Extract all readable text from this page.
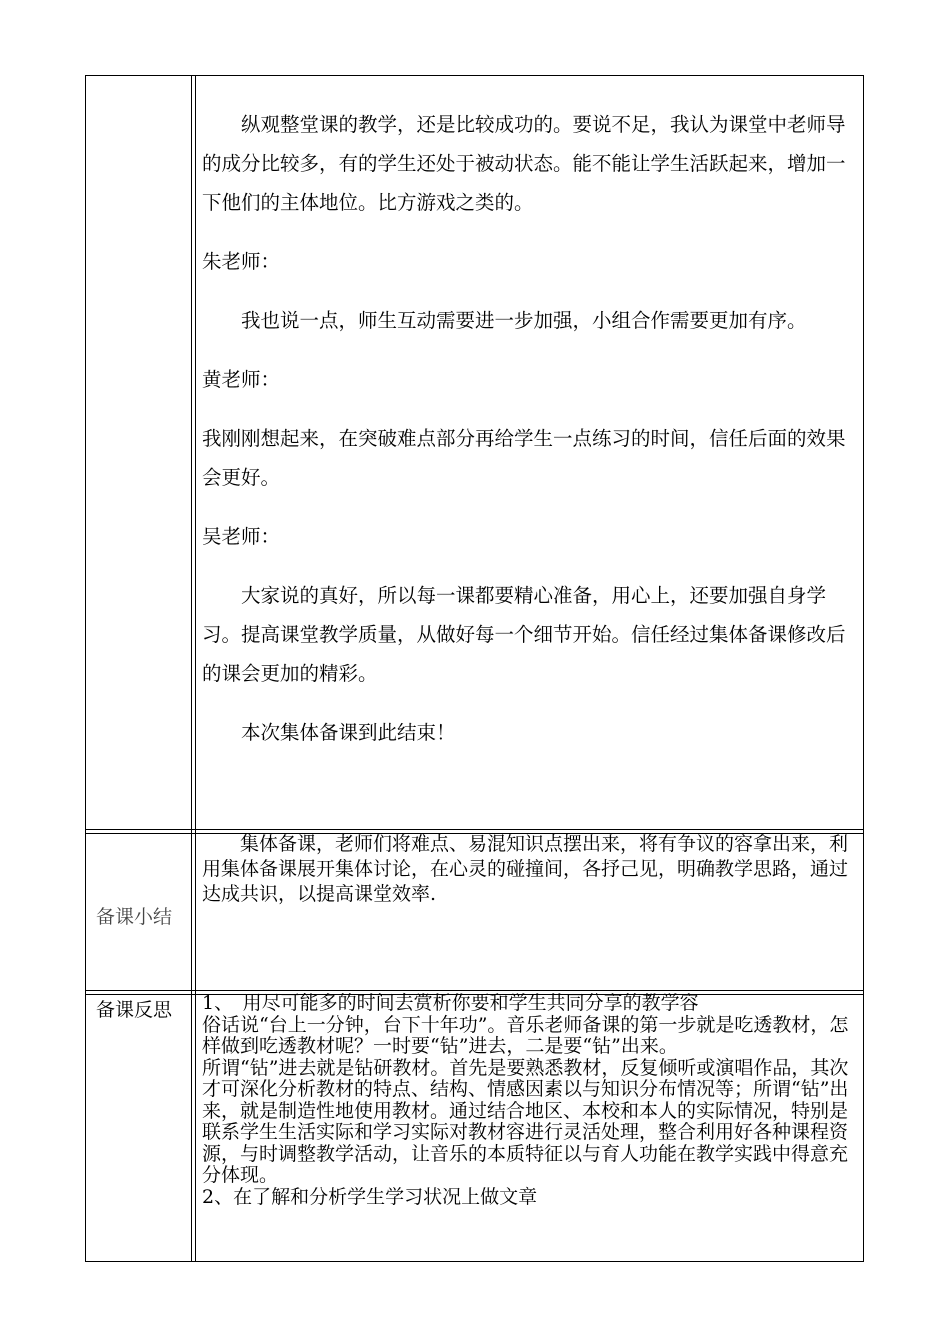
纵观整堂课的教学，还是比较成功的。要说不足，我认为课堂中老师导的成分比较多，有的学生还处于被动状态。能不能让学生活跃起来，增加一下他们的主体地位。比方游戏之类的。

朱老师：

我也说一点，师生互动需要进一步加强，小组合作需要更加有序。

黄老师：

我刚刚想起来，在突破难点部分再给学生一点练习的时间，信任后面的效果会更好。

吴老师：

大家说的真好，所以每一课都要精心准备，用心上，还要加强自身学习。提高课堂教学质量，从做好每一个细节开始。信任经过集体备课修改后的课会更加的精彩。

本次集体备课到此结束！

备课小结
集体备课，老师们将难点、易混知识点摆出来，将有争议的容拿出来，利用集体备课展开集体讨论，在心灵的碰撞间，各抒己见，明确教学思路，通过达成共识，以提高课堂效率.
备课反思 1、　用尽可能多的时间去赏析你要和学生共同分享的教学容

俗话说“台上一分钟，台下十年功”。音乐老师备课的第一步就是吃透教材，怎样做到吃透教材呢？一时要“钻”进去，二是要“钻”出来。

所谓“钻”进去就是钻研教材。首先是要熟悉教材，反复倾听或演唱作品，其次才可深化分析教材的特点、结构、情感因素以与知识分布情况等；所谓“钻”出来，就是制造性地使用教材。通过结合地区、本校和本人的实际情况，特别是联系学生生活实际和学习实际对教材容进行灵活处理，整合利用好各种课程资源，与时调整教学活动，让音乐的本质特征以与育人功能在教学实践中得意充分体现。

2、在了解和分析学生学习状况上做文章
